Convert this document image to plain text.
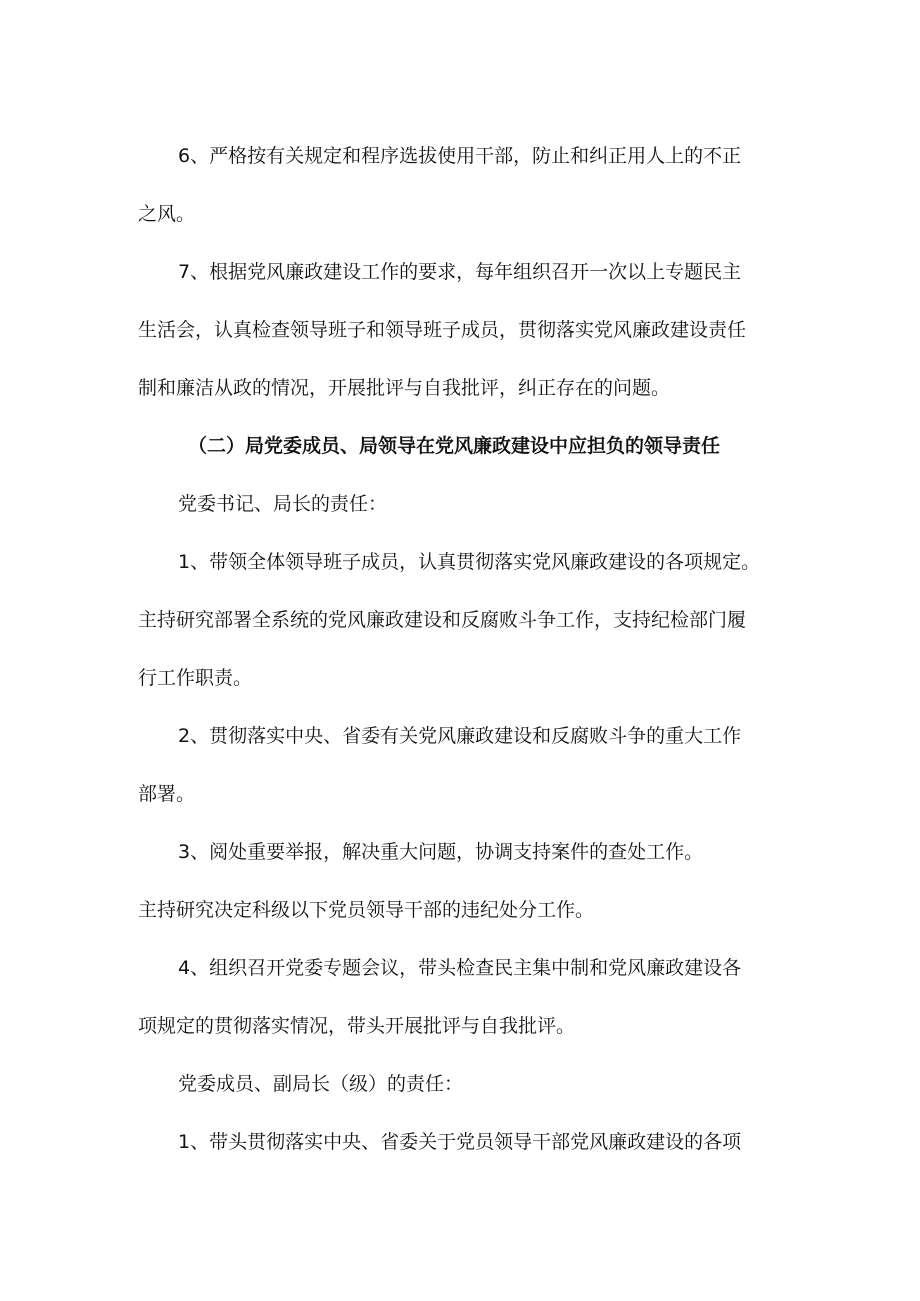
6、严格按有关规定和程序选拔使用干部，防止和纠正用人上的不正
之风。
7、根据党风廉政建设工作的要求，每年组织召开一次以上专题民主
生活会，认真检查领导班子和领导班子成员，贯彻落实党风廉政建设责任
制和廉洁从政的情况，开展批评与自我批评，纠正存在的问题。
（二）局党委成员、局领导在党风廉政建设中应担负的领导责任
党委书记、局长的责任：
1、带领全体领导班子成员，认真贯彻落实党风廉政建设的各项规定。
主持研究部署全系统的党风廉政建设和反腐败斗争工作，支持纪检部门履
行工作职责。
2、贯彻落实中央、省委有关党风廉政建设和反腐败斗争的重大工作
部署。
3、阅处重要举报，解决重大问题，协调支持案件的查处工作。
主持研究决定科级以下党员领导干部的违纪处分工作。
4、组织召开党委专题会议，带头检查民主集中制和党风廉政建设各
项规定的贯彻落实情况，带头开展批评与自我批评。
党委成员、副局长（级）的责任：
1、带头贯彻落实中央、省委关于党员领导干部党风廉政建设的各项
